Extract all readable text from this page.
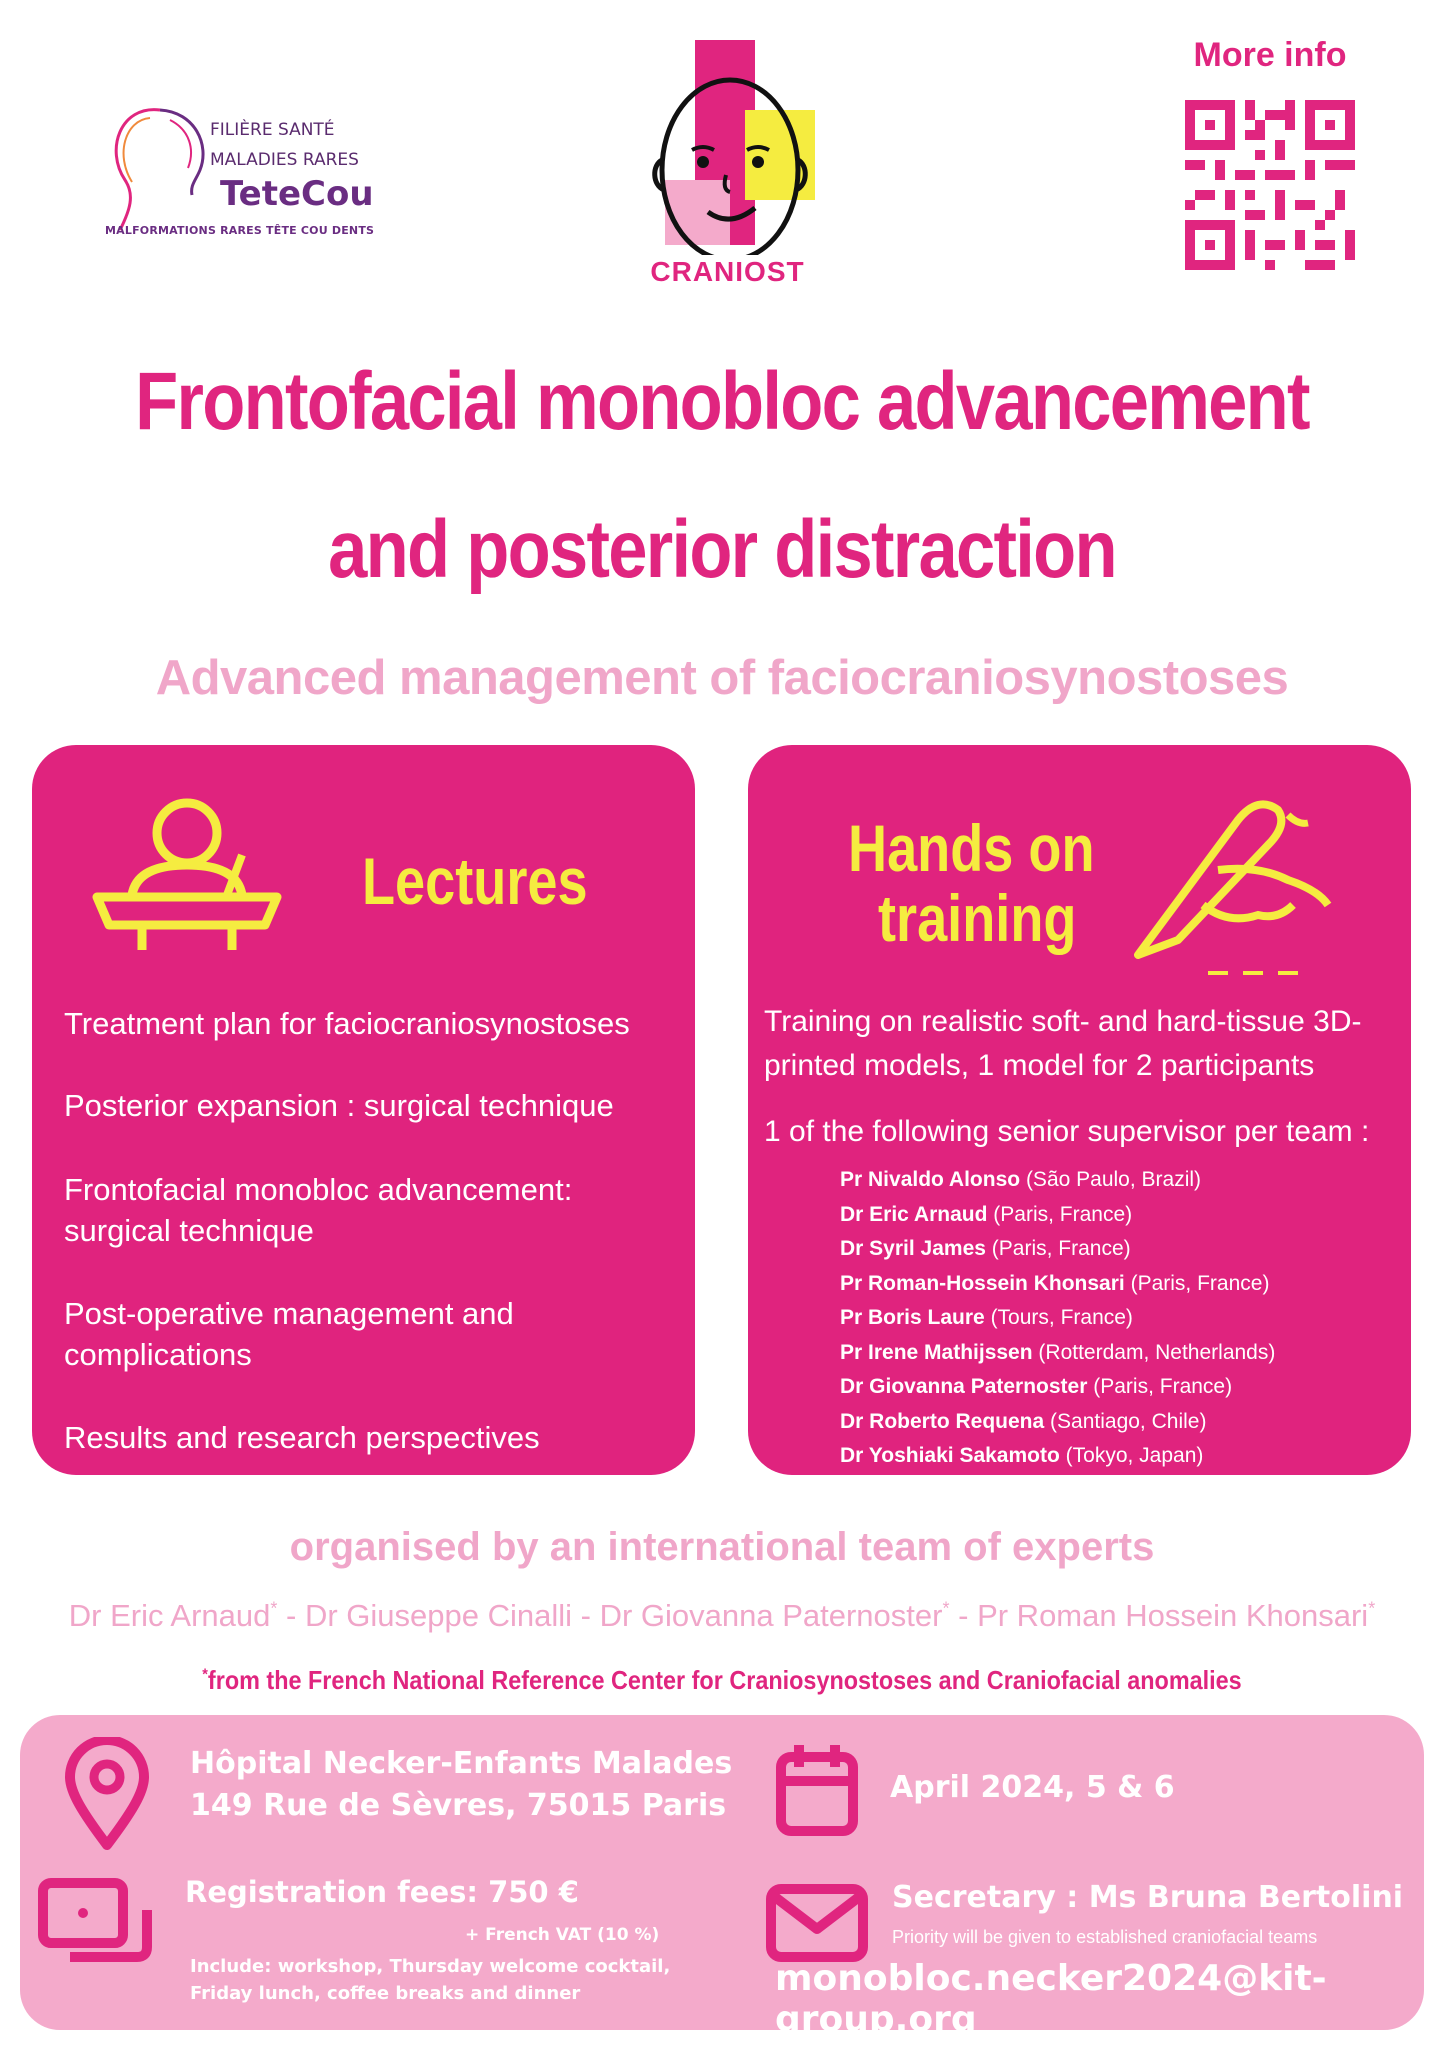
FILIÈRE SANTÉ
MALADIES RARES
TeteCou
MALFORMATIONS RARES TÊTE COU DENTS
CRANIOST
More info
Frontofacial monobloc advancement
and posterior distraction
Advanced management of faciocraniosynostoses
Lectures
Treatment plan for faciocraniosynostoses
Posterior expansion : surgical technique
Frontofacial monobloc advancement: surgical technique
Post-operative management and complications
Results and research perspectives
Hands on
training
Training on realistic soft- and hard-tissue 3D-printed models, 1 model for 2 participants
1 of the following senior supervisor per team :
Pr Nivaldo Alonso (São Paulo, Brazil)
Dr Eric Arnaud (Paris, France)
Dr Syril James (Paris, France)
Pr Roman-Hossein Khonsari (Paris, France)
Pr Boris Laure (Tours, France)
Pr Irene Mathijssen (Rotterdam, Netherlands)
Dr Giovanna Paternoster (Paris, France)
Dr Roberto Requena (Santiago, Chile)
Dr Yoshiaki Sakamoto (Tokyo, Japan)
organised by an international team of experts
Dr Eric Arnaud* - Dr Giuseppe Cinalli - Dr Giovanna Paternoster* - Pr Roman Hossein Khonsari*
*from the French National Reference Center for Craniosynostoses and Craniofacial anomalies
Hôpital Necker-Enfants Malades
149 Rue de Sèvres, 75015 Paris
April 2024, 5 & 6
Registration fees: 750 €
+ French VAT (10 %)
Include: workshop, Thursday welcome cocktail,
Friday lunch, coffee breaks and dinner
Secretary : Ms Bruna Bertolini
Priority will be given to established craniofacial teams
monobloc.necker2024@kit-group.org
